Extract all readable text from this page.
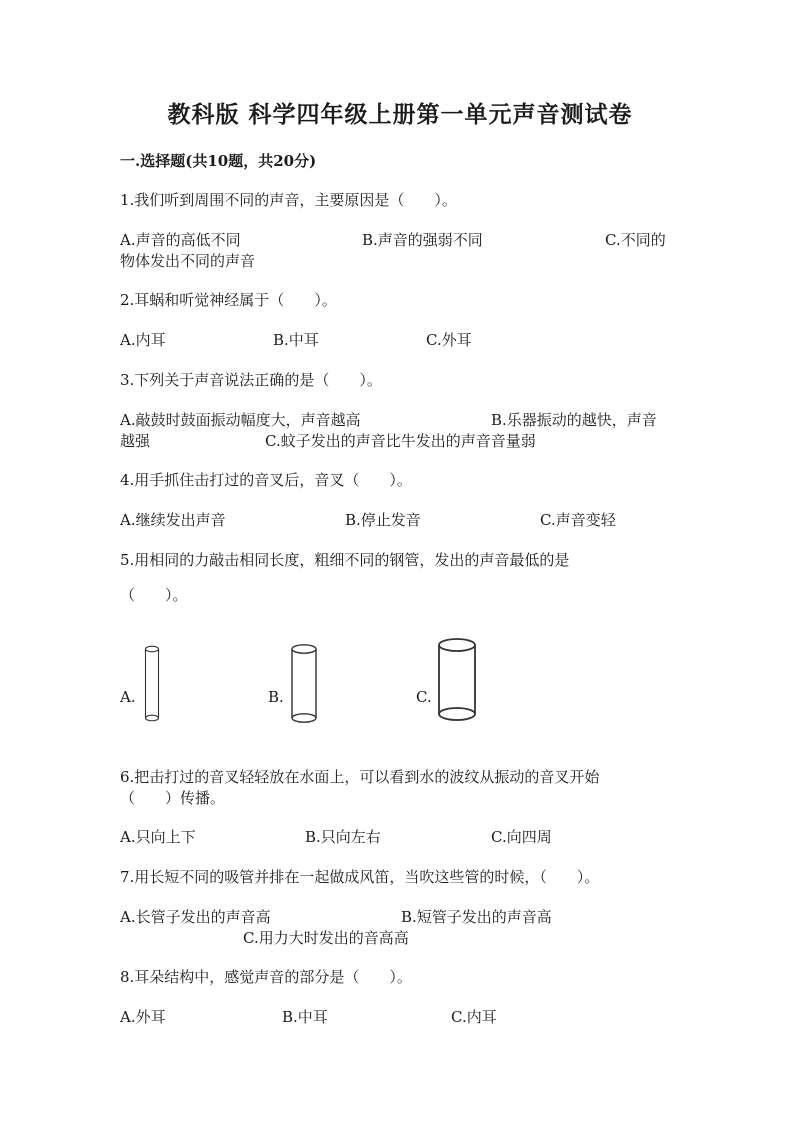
教科版 科学四年级上册第一单元声音测试卷
一.选择题(共10题，共20分)
1.我们听到周围不同的声音，主要原因是（　　）。
A.声音的高低不同	B.声音的强弱不同	C.不同的
物体发出不同的声音
2.耳蜗和听觉神经属于（　　）。
A.内耳	B.中耳	C.外耳
3.下列关于声音说法正确的是（　　）。
A.敲鼓时鼓面振动幅度大，声音越高	B.乐器振动的越快，声音
越强	C.蚊子发出的声音比牛发出的声音音量弱
4.用手抓住击打过的音叉后，音叉（　　）。
A.继续发出声音	B.停止发音	C.声音变轻
5.用相同的力敲击相同长度，粗细不同的钢管，发出的声音最低的是
（　　）。
A.	B.	C.
6.把击打过的音叉轻轻放在水面上，可以看到水的波纹从振动的音叉开始
（　　）传播。
A.只向上下	B.只向左右	C.向四周
7.用长短不同的吸管并排在一起做成风笛，当吹这些管的时候，（　　）。
A.长管子发出的声音高	B.短管子发出的声音高
C.用力大时发出的音高高
8.耳朵结构中，感觉声音的部分是（　　）。
A.外耳	B.中耳	C.内耳
